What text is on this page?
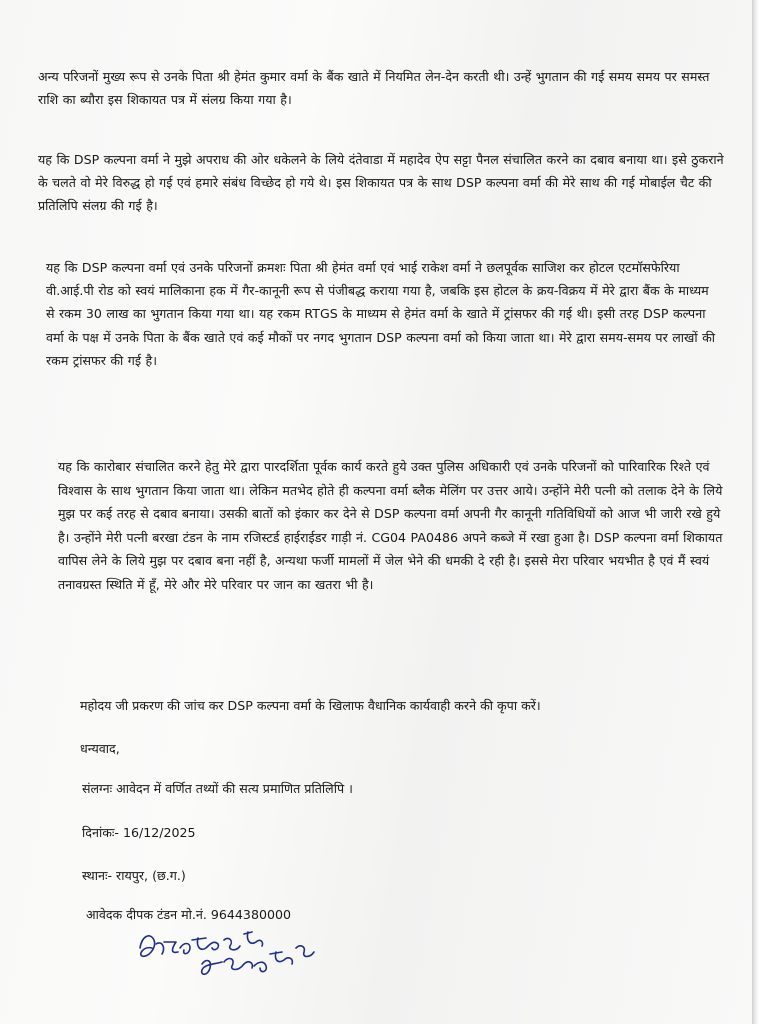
अन्य परिजनों मुख्य रूप से उनके पिता श्री हेमंत कुमार वर्मा के बैंक खाते में नियमित लेन-देन करती थी। उन्हें भुगतान की गई समय समय पर समस्त राशि का ब्यौरा इस शिकायत पत्र में संलग्र किया गया है।

यह कि DSP कल्पना वर्मा ने मुझे अपराध की ओर धकेलने के लिये दंतेवाडा में महादेव ऐप सट्टा पैनल संचालित करने का दबाव बनाया था। इसे ठुकराने के चलते वो मेरे विरुद्ध हो गई एवं हमारे संबंध विच्छेद हो गये थे। इस शिकायत पत्र के साथ DSP कल्पना वर्मा की मेरे साथ की गई मोबाईल चैट की प्रतिलिपि संलग्र की गई है।

यह कि DSP कल्पना वर्मा एवं उनके परिजनों क्रमशः पिता श्री हेमंत वर्मा एवं भाई राकेश वर्मा ने छलपूर्वक साजिश कर होटल एटमॉसफेरिया वी.आई.पी रोड को स्वयं मालिकाना हक में गैर-कानूनी रूप से पंजीबद्ध कराया गया है, जबकि इस होटल के क्रय-विक्रय में मेरे द्वारा बैंक के माध्यम से रकम 30 लाख का भुगतान किया गया था। यह रकम RTGS के माध्यम से हेमंत वर्मा के खाते में ट्रांसफर की गई थी। इसी तरह DSP कल्पना वर्मा के पक्ष में उनके पिता के बैंक खाते एवं कई मौकों पर नगद भुगतान DSP कल्पना वर्मा को किया जाता था। मेरे द्वारा समय-समय पर लाखों की रकम ट्रांसफर की गई है।

यह कि कारोबार संचालित करने हेतु मेरे द्वारा पारदर्शिता पूर्वक कार्य करते हुये उक्त पुलिस अधिकारी एवं उनके परिजनों को पारिवारिक रिश्ते एवं विश्वास के साथ भुगतान किया जाता था। लेकिन मतभेद होते ही कल्पना वर्मा ब्लैक मेलिंग पर उत्तर आये। उन्होंने मेरी पत्नी को तलाक देने के लिये मुझ पर कई तरह से दबाव बनाया। उसकी बातों को इंकार कर देने से DSP कल्पना वर्मा अपनी गैर कानूनी गतिविधियों को आज भी जारी रखे हुये है। उन्होंने मेरी पत्नी बरखा टंडन के नाम रजिस्टर्ड हाईराईडर गाड़ी नं. CG04 PA0486 अपने कब्जे में रखा हुआ है। DSP कल्पना वर्मा शिकायत वापिस लेने के लिये मुझ पर दबाव बना नहीं है, अन्यथा फर्जी मामलों में जेल भेने की धमकी दे रही है। इससे मेरा परिवार भयभीत है एवं मैं स्वयं तनावग्रस्त स्थिति में हूँ, मेरे और मेरे परिवार पर जान का खतरा भी है।

महोदय जी प्रकरण की जांच कर DSP कल्पना वर्मा के खिलाफ वैधानिक कार्यवाही करने की कृपा करें।

धन्यवाद,

संलग्नः आवेदन में वर्णित तथ्यों की सत्य प्रमाणित प्रतिलिपि ।

दिनांकः- 16/12/2025

स्थानः- रायपुर, (छ.ग.)

आवेदक दीपक टंडन मो.नं. 9644380000
